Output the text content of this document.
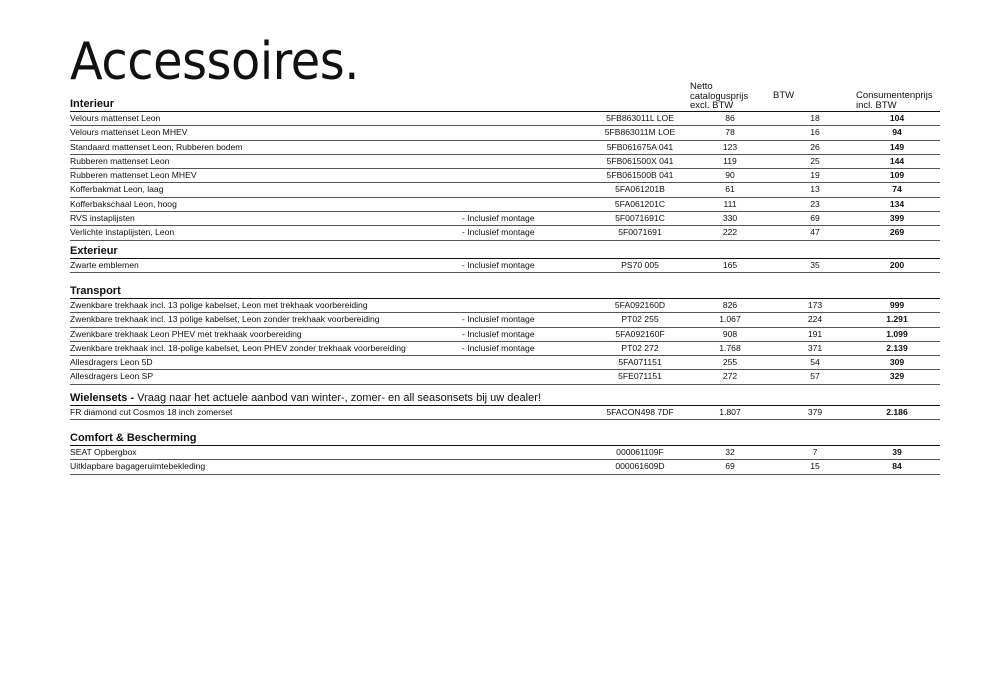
Accessoires.	Netto
catalogusprijs
excl. BTW
BTW	Consumentenprijs
incl. BTW
Interieur
Velours mattenset Leon	5FB863011L LOE	86	18	104
Velours mattenset Leon MHEV	5FB863011M LOE	78	16	94
Standaard mattenset Leon, Rubberen bodem	5FB061675A 041	123	26	149
Rubberen mattenset Leon	5FB061500X 041	119	25	144
Rubberen mattenset Leon MHEV	5FB061500B 041	90	19	109
Kofferbakmat Leon, laag	5FA061201B	61	13	74
Kofferbakschaal Leon, hoog	5FA061201C	111	23	134
RVS instaplijsten	- Inclusief montage	5F0071691C	330	69	399
Verlichte instaplijsten, Leon	- Inclusief montage	5F0071691	222	47	269
Exterieur
Zwarte emblemen	- Inclusief montage	PS70 005	165	35	200
Transport
Zwenkbare trekhaak incl. 13 polige kabelset, Leon met trekhaak voorbereiding	5FA092160D	826	173	999
Zwenkbare trekhaak incl. 13 polige kabelset, Leon zonder trekhaak voorbereiding	- Inclusief montage	PT02 255	1.067	224	1.291
Zwenkbare trekhaak Leon PHEV met trekhaak voorbereiding	- Inclusief montage	5FA092160F	908	191	1.099
Zwenkbare trekhaak incl. 18-polige kabelset, Leon PHEV zonder trekhaak voorbereiding	- Inclusief montage	PT02 272	1.768	371	2.139
Allesdragers Leon 5D	5FA071151	255	54	309
Allesdragers Leon SP	5FE071151	272	57	329
Wielensets - Vraag naar het actuele aanbod van winter-, zomer- en all seasonsets bij uw dealer!
FR diamond cut Cosmos 18 inch zomerset	5FACON498 7DF	1.807	379	2.186
Comfort & Bescherming
SEAT Opbergbox	000061109F	32	7	39
Uitklapbare bagageruimtebekleding	000061609D	69	15	84
